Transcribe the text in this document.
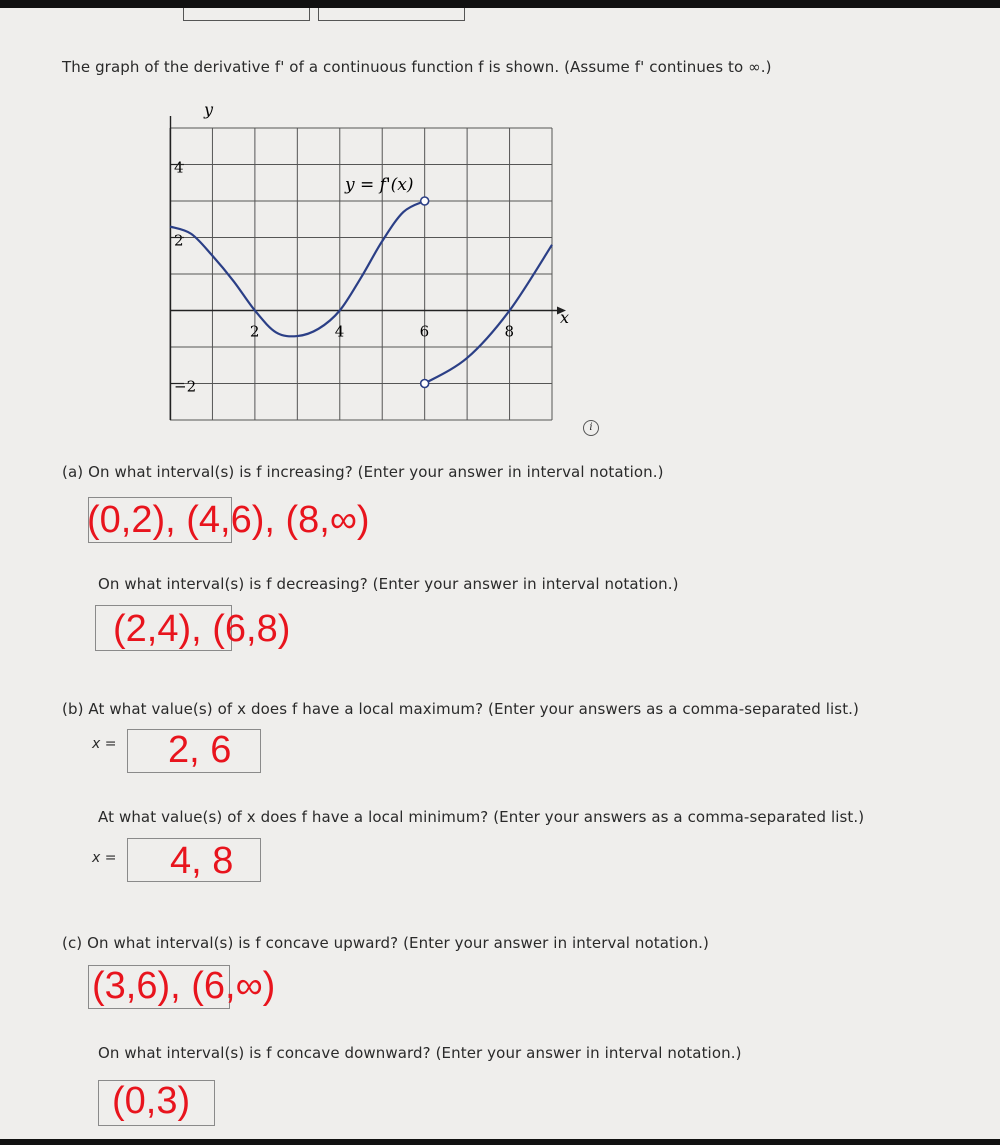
The graph of the derivative f' of a continuous function f is shown. (Assume f' continues to ∞.)
2	4	6	8
4
2
−2
y
x
y = f'(x)
i
(a) On what interval(s) is f increasing? (Enter your answer in interval notation.)
(0,2), (4,6), (8,∞)
On what interval(s) is f decreasing? (Enter your answer in interval notation.)
(2,4), (6,8)
(b) At what value(s) of x does f have a local maximum? (Enter your answers as a comma-separated list.)
x = 2, 6
At what value(s) of x does f have a local minimum? (Enter your answers as a comma-separated list.)
x = 4, 8
(c) On what interval(s) is f concave upward? (Enter your answer in interval notation.)
(3,6), (6,∞)
On what interval(s) is f concave downward? (Enter your answer in interval notation.)
(0,3)
